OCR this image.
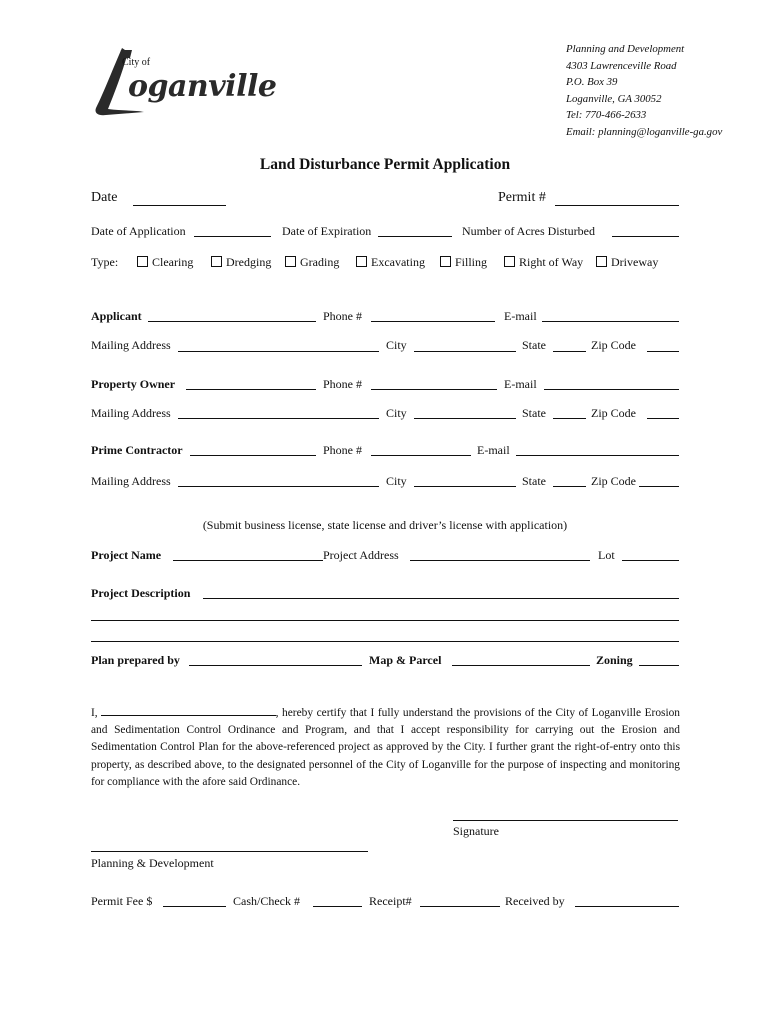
City of
oganville
Planning and Development
4303 Lawrenceville Road
P.O. Box 39
Loganville, GA 30052
Tel: 770-466-2633
Email: planning@loganville-ga.gov
Land Disturbance Permit Application
Date	Permit #
Date of Application	Date of Expiration	Number of Acres Disturbed
Type:	Clearing	Dredging	Grading	Excavating	Filling	Right of Way	Driveway
Applicant	Phone #	E-mail
Mailing Address	City	State	Zip Code
Property Owner	Phone #	E-mail
Mailing Address	City	State	Zip Code
Prime Contractor	Phone #	E-mail
Mailing Address	City	State	Zip Code
(Submit business license, state license and driver’s license with application)
Project Name	Project Address	Lot
Project Description
Plan prepared by	Map & Parcel	Zoning
I,	, hereby certify that I fully understand the provisions of the City of Loganville Erosion and Sedimentation Control Ordinance and Program, and that I accept responsibility for carrying out the Erosion and Sedimentation Control Plan for the above-referenced project as approved by the City. I further grant the right-of-entry onto this property, as described above, to the designated personnel of the City of Loganville for the purpose of inspecting and monitoring for compliance with the afore said Ordinance.
Signature
Planning & Development
Permit Fee $	Cash/Check #	Receipt#	Received by
